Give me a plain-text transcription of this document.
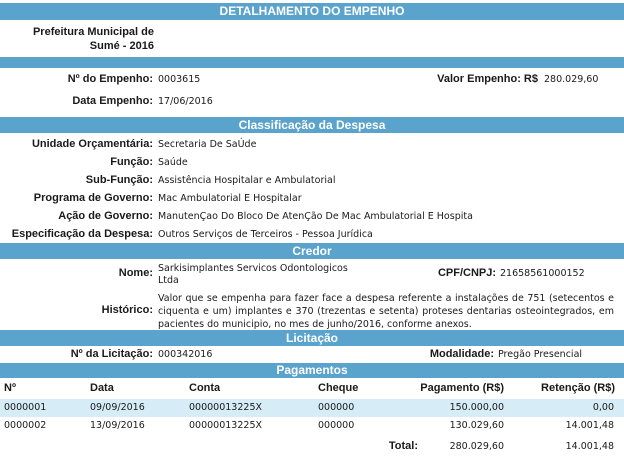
DETALHAMENTO DO EMPENHO
Prefeitura Municipal de
Sumé - 2016
Nº do Empenho: 0003615	Valor Empenho: R$ 280.029,60
Data Empenho: 17/06/2016
Classificação da Despesa
Unidade Orçamentária: Secretaria De SaÚde
Função: Saúde
Sub-Função: Assistência Hospitalar e Ambulatorial
Programa de Governo: Mac Ambulatorial E Hospitalar
Ação de Governo: ManutenÇao Do Bloco De AtenÇão De Mac Ambulatorial E Hospita
Especificação da Despesa: Outros Serviços de Terceiros - Pessoa Jurídica
Credor
Nome: Sarkisimplantes Servicos Odontologicos
Ltda
CPF/CNPJ: 21658561000152
Histórico:
Valor que se empenha para fazer face a despesa referente a instalações de 751 (setecentos e ciquenta e um) implantes e 370 (trezentas e setenta) proteses dentarias osteointegrados, em pacientes do municipio, no mes de junho/2016, conforme anexos.
Licitação
Nº da Licitação: 000342016	Modalidade: Pregão Presencial
Pagamentos
Nº	Data	Conta	Cheque	Pagamento (R$)	Retenção (R$)
0000001	09/09/2016	00000013225X	000000	150.000,00	0,00
0000002	13/09/2016	00000013225X	000000	130.029,60	14.001,48
Total:	280.029,60	14.001,48
